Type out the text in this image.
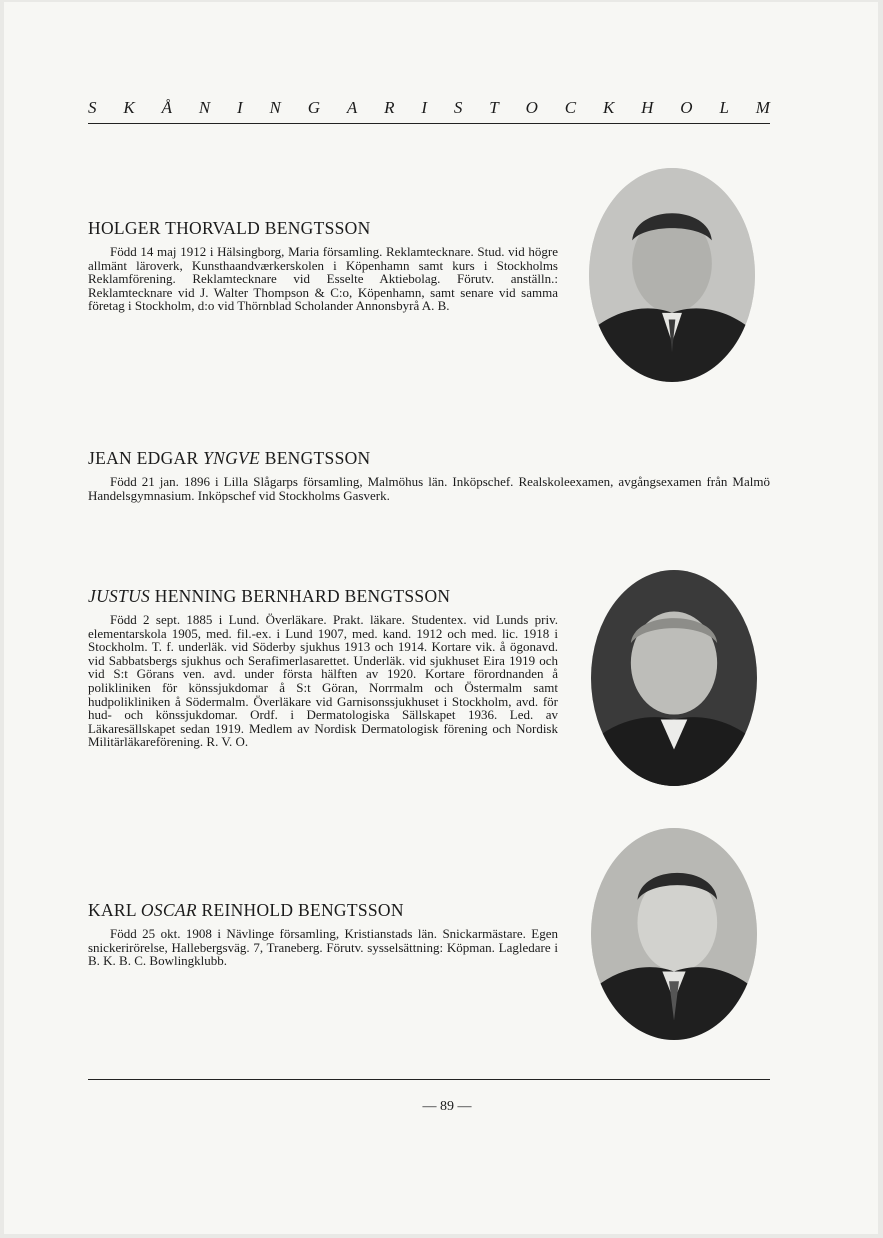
S K Å N I N G A R I S T O C K H O L M
HOLGER THORVALD BENGTSSON

Född 14 maj 1912 i Hälsingborg, Maria församling. Reklamtecknare. Stud. vid högre allmänt läroverk, Kunsthaandværkerskolen i Köpenhamn samt kurs i Stockholms Reklamförening. Reklamtecknare vid Esselte Aktiebolag. Förutv. anställn.: Reklamtecknare vid J. Walter Thompson & C:o, Köpenhamn, samt senare vid samma företag i Stockholm, d:o vid Thörnblad Scholander Annonsbyrå A. B.

JEAN EDGAR YNGVE BENGTSSON

Född 21 jan. 1896 i Lilla Slågarps församling, Malmöhus län. Inköpschef. Realskoleexamen, avgångsexamen från Malmö Handelsgymnasium. Inköpschef vid Stockholms Gasverk.

JUSTUS HENNING BERNHARD BENGTSSON

Född 2 sept. 1885 i Lund. Överläkare. Prakt. läkare. Studentex. vid Lunds priv. elementarskola 1905, med. fil.-ex. i Lund 1907, med. kand. 1912 och med. lic. 1918 i Stockholm. T. f. underläk. vid Söderby sjukhus 1913 och 1914. Kortare vik. å ögonavd. vid Sabbatsbergs sjukhus och Serafimerlasarettet. Underläk. vid sjukhuset Eira 1919 och vid S:t Görans ven. avd. under första hälften av 1920. Kortare förordnanden å polikliniken för könssjukdomar å S:t Göran, Norrmalm och Östermalm samt hudpolikliniken å Södermalm. Överläkare vid Garnisonssjukhuset i Stockholm, avd. för hud- och könssjukdomar. Ordf. i Dermatologiska Sällskapet 1936. Led. av Läkaresällskapet sedan 1919. Medlem av Nordisk Dermatologisk förening och Nordisk Militärläkareförening. R. V. O.

KARL OSCAR REINHOLD BENGTSSON

Född 25 okt. 1908 i Nävlinge församling, Kristianstads län. Snickarmästare. Egen snickerirörelse, Hallebergsväg. 7, Traneberg. Förutv. sysselsättning: Köpman. Lagledare i B. K. B. C. Bowlingklubb.

— 89 —
